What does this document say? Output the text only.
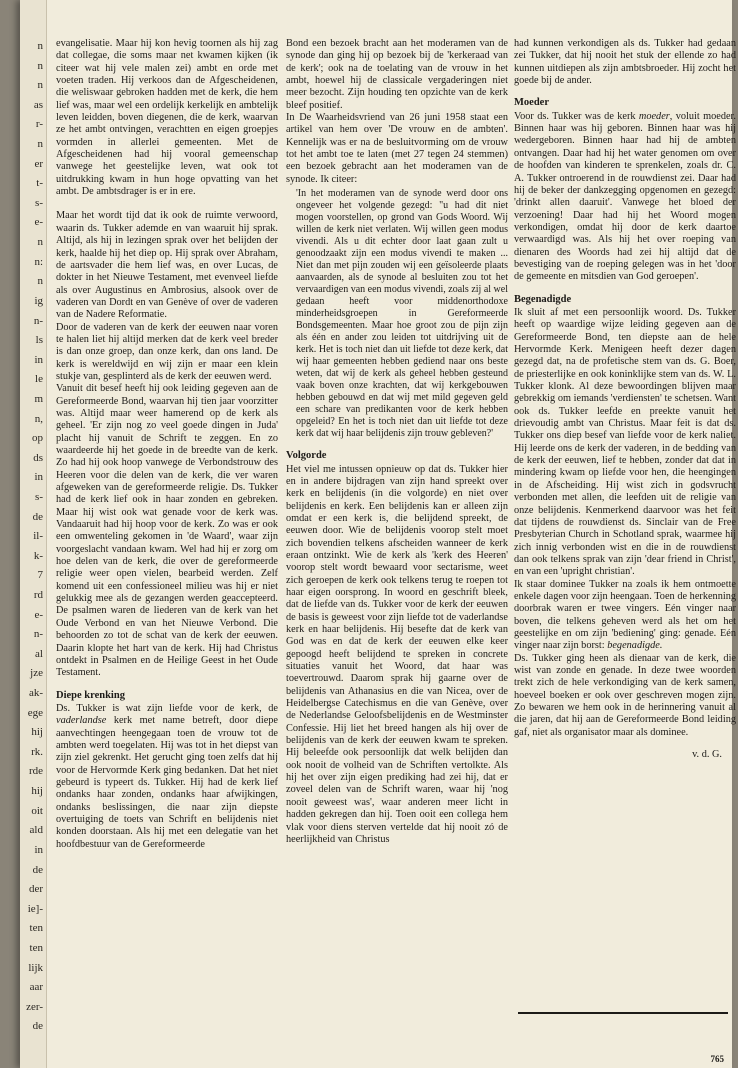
n
n
n
as
r-
n
er
t-
s-
e-
n
n:
n
ig
n-
ls
in
le
m
n,
op
ds
in
s-
de
il-
k-
7
rd
e-
n-
al
jze
ak-
ege
hij
rk.
rde
hij
oit
ald
in
de
der
ie]-
ten
ten
lijk
aar
zer-
de

evangelisatie. Maar hij kon hevig toornen als hij zag dat collegae, die soms maar net kwamen kijken (ik citeer wat hij vele malen zei) ambt en orde met voeten traden. Hij verkoos dan de Afgescheidenen, die weliswaar gebroken hadden met de kerk, die hem lief was, maar wel een ordelijk kerkelijk en ambtelijk leven leidden, boven diegenen, die de kerk, waarvan ze het ambt ontvingen, verachtten en eigen groepjes vormden in allerlei gemeenten. Met de Afgescheidenen had hij vooral gemeenschap vanwege het geestelijke leven, wat ook tot uitdrukking kwam in hun hoge opvatting van het ambt. De ambtsdrager is er in ere.

Maar het wordt tijd dat ik ook de ruimte verwoord, waarin ds. Tukker ademde en van waaruit hij sprak. Altijd, als hij in lezingen sprak over het belijden der kerk, haalde hij het diep op. Hij sprak over Abraham, de aartsvader die hem lief was, en over Lucas, de dokter in het Nieuwe Testament, met evenveel liefde als over Augustinus en Ambrosius, alsook over de vaderen van Dordt en van Genève of over de vaderen van de Nadere Reformatie.

Door de vaderen van de kerk der eeuwen naar voren te halen liet hij altijd merken dat de kerk veel breder is dan onze groep, dan onze kerk, dan ons land. De kerk is wereldwijd en wij zijn er maar een klein stukje van, gesplinterd als de kerk der eeuwen werd.

Vanuit dit besef heeft hij ook leiding gegeven aan de Gereformeerde Bond, waarvan hij tien jaar voorzitter was. Altijd maar weer hamerend op de kerk als geheel. 'Er zijn nog zo veel goede dingen in Juda' placht hij vanuit de Schrift te zeggen. En zo waardeerde hij het goede in de breedte van de kerk. Zo had hij ook hoop vanwege de Verbondstrouw des Heeren voor die delen van de kerk, die ver waren afgeweken van de gereformeerde religie. Ds. Tukker had de kerk lief ook in haar zonden en gebreken. Maar hij wist ook wat genade voor de kerk was. Vandaaruit had hij hoop voor de kerk. Zo was er ook een omwenteling gekomen in 'de Waard', waar zijn voorgeslacht vandaan kwam. Wel had hij er zorg om hoe delen van de kerk, die over de gereformeerde religie weer open vielen, bearbeid werden. Zelf komend uit een confessioneel milieu was hij er niet gelukkig mee als de gezangen werden geaccepteerd. De psalmen waren de liederen van de kerk van het Oude Verbond en van het Nieuwe Verbond. Die behoorden zo tot de schat van de kerk der eeuwen. Daarin klopte het hart van de kerk. Hij had Christus ontdekt in Psalmen en de Heilige Geest in het Oude Testament.

Diepe krenking

Ds. Tukker is wat zijn liefde voor de kerk, de vaderlandse kerk met name betreft, door diepe aanvechtingen heengegaan toen de vrouw tot de ambten werd toegelaten. Hij was tot in het diepst van zijn ziel gekrenkt. Het gerucht ging toen zelfs dat hij voor de Hervormde Kerk ging bedanken. Dat het niet gebeurd is typeert ds. Tukker. Hij had de kerk lief ondanks haar zonden, ondanks haar afwijkingen, ondanks beslissingen, die naar zijn diepste overtuiging de toets van Schrift en belijdenis niet konden doorstaan. Als hij met een delegatie van het hoofdbestuur van de Gereformeerde

Bond een bezoek bracht aan het moderamen van de synode dan ging hij op bezoek bij de 'kerkeraad van de kerk'; ook na de toelating van de vrouw in het ambt, hoewel hij de classicale vergaderingen niet meer bezocht. Zijn houding ten opzichte van de kerk bleef positief.

In De Waarheidsvriend van 26 juni 1958 staat een artikel van hem over 'De vrouw en de ambten'. Kennelijk was er na de besluitvorming om de vrouw tot het ambt toe te laten (met 27 tegen 24 stemmen) een bezoek gebracht aan het moderamen van de synode. Ik citeer:

'In het moderamen van de synode werd door ons ongeveer het volgende gezegd: "u had dit niet mogen voorstellen, op grond van Gods Woord. Wij willen de kerk niet verlaten. Wij willen geen modus vivendi. Als u dit echter door laat gaan zult u genoodzaakt zijn een modus vivendi te maken ... Niet dan met pijn zouden wij een geïsoleerde plaats aanvaarden, als de synode al besluiten zou tot het vervaardigen van een modus vivendi, zoals zij al wel gedaan heeft voor middenorthodoxe minderheidsgroepen in Gereformeerde Bondsgemeenten. Maar hoe groot zou de pijn zijn als één en ander zou leiden tot uitdrijving uit de kerk. Het is toch niet dan uit liefde tot deze kerk, dat wij haar gemeenten hebben gediend naar ons beste weten, dat wij de kerk als geheel hebben gesteund vaak boven onze krachten, dat wij kerkgebouwen hebben gebouwd en dat wij met mild gegeven geld een schare van predikanten voor de kerk hebben opgeleid? En het is toch niet dan uit liefde tot deze kerk dat wij haar belijdenis zijn trouw gebleven?'
Volgorde

Het viel me intussen opnieuw op dat ds. Tukker hier en in andere bijdragen van zijn hand spreekt over kerk en belijdenis (in die volgorde) en niet over belijdenis en kerk. Een belijdenis kan er alleen zijn omdat er een kerk is, die belijdend spreekt, de eeuwen door. Wie de belijdenis voorop stelt moet zich bovendien telkens afscheiden wanneer de kerk eraan ontzinkt. Wie de kerk als 'kerk des Heeren' voorop stelt wordt bewaard voor sectarisme, weet zich geroepen de kerk ook telkens terug te roepen tot haar eigen oorsprong. In woord en geschrift bleek, dat de liefde van ds. Tukker voor de kerk der eeuwen de basis is geweest voor zijn liefde tot de vaderlandse kerk en haar belijdenis. Hij besefte dat de kerk van God was en dat de kerk der eeuwen elke keer gepoogd heeft belijdend te spreken in concrete situaties vanuit het Woord, dat haar was toevertrouwd. Daarom sprak hij gaarne over de belijdenis van Athanasius en die van Nicea, over de Heidelbergse Catechismus en die van Genève, over de Nederlandse Geloofsbelijdenis en de Westminster Confessie. Hij liet het breed hangen als hij over de belijdenis van de kerk der eeuwen kwam te spreken. Hij beleefde ook persoonlijk dat welk belijden dan ook nooit de volheid van de Schriften vertolkte. Als hij het over zijn eigen prediking had zei hij, dat er zoveel delen van de Schrift waren, waar hij 'nog nooit geweest was', waar anderen meer licht in hadden gekregen dan hij. Toen ooit een collega hem vlak voor diens sterven vertelde dat hij nooit zó de heerlijkheid van Christus

had kunnen verkondigen als ds. Tukker had gedaan zei Tukker, dat hij nooit het stuk der ellende zo had kunnen uitdiepen als zijn ambtsbroeder. Hij zocht het goede bij de ander.

Moeder

Voor ds. Tukker was de kerk moeder, voluit moeder. Binnen haar was hij geboren. Binnen haar was hij wedergeboren. Binnen haar had hij de ambten ontvangen. Daar had hij het water genomen om over de hoofden van kinderen te sprenkelen, zoals dr. C. A. Tukker ontroerend in de rouwdienst zei. Daar had hij de beker der dankzegging opgenomen en gezegd: 'drinkt allen daaruit'. Vanwege het bloed der verzoening! Daar had hij het Woord mogen verkondigen, omdat hij door de kerk daartoe verwaardigd was. Als hij het over roeping van dienaren des Woords had zei hij altijd dat de bevestiging van de roeping gelegen was in het 'door de gemeente en mitsdien van God geroepen'.

Begenadigde

Ik sluit af met een persoonlijk woord. Ds. Tukker heeft op waardige wijze leiding gegeven aan de Gereformeerde Bond, ten diepste aan de hele Hervormde Kerk. Menigeen heeft dezer dagen gezegd dat, na de profetische stem van ds. G. Boer, de priesterlijke en ook koninklijke stem van ds. W. L. Tukker klonk. Al deze bewoordingen blijven maar gebrekkig om iemands 'verdiensten' te schetsen. Want ook ds. Tukker leefde en preekte vanuit het drievoudig ambt van Christus. Maar feit is dat ds. Tukker ons diep besef van liefde voor de kerk naliet. Hij leerde ons de kerk der vaderen, in de bedding van de kerk der eeuwen, lief te hebben, zonder dat dat in mindering kwam op liefde voor hen, die heengingen in de Afscheiding. Hij wist zich in godsvrucht verbonden met allen, die leefden uit de religie van onze belijdenis. Kenmerkend daarvoor was het feit dat tijdens de rouwdienst ds. Sinclair van de Free Presbyterian Church in Schotland sprak, waarmee hij zich innig verbonden wist en die in de rouwdienst dan ook telkens sprak van zijn 'dear friend in Christ', en van een 'upright christian'.

Ik staar dominee Tukker na zoals ik hem ontmoette enkele dagen voor zijn heengaan. Toen de herkenning doorbrak waren er twee vingers. Eén vinger naar boven, die telkens geheven werd als het om het geestelijke en om zijn 'bediening' ging: genade. Eén vinger naar zijn borst: begenadigde.

Ds. Tukker ging heen als dienaar van de kerk, die wist van zonde en genade. In deze twee woorden trekt zich de hele verkondiging van de kerk samen, hoeveel boeken er ook over geschreven mogen zijn. Zo bewaren we hem ook in de herinnering vanuit al die jaren, dat hij aan de Gereformeerde Bond leiding gaf, niet als organisator maar als dominee.

v. d. G.

765
